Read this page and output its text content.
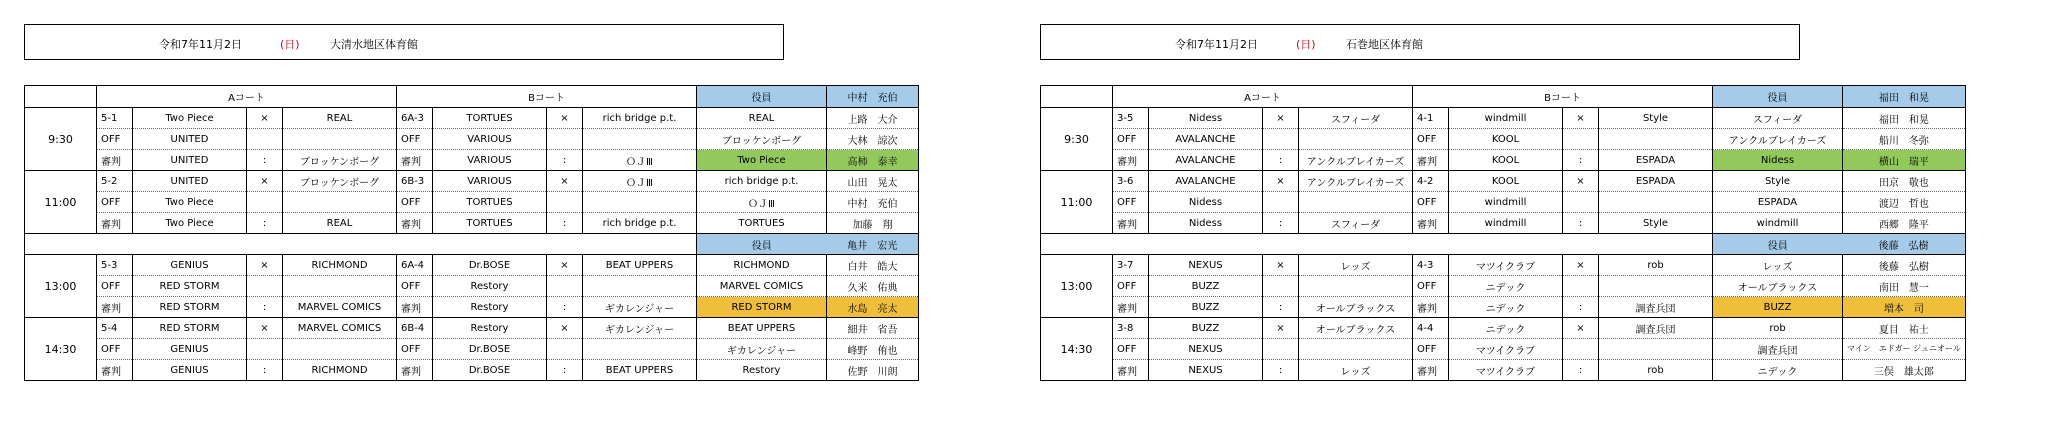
令和7年11月2日	(日)	大清水地区体育館
	Aコート				Bコート				役員	中村　充伯
9:30	5-1	Two Piece	×	REAL	6A-3	TORTUES	×	rich bridge p.t.	REAL	上路　大介
	OFF	UNITED			OFF	VARIOUS			ブロッケンボーグ	大林　諒次
	審判	UNITED	:	ブロッケンボーグ	審判	VARIOUS	:	ＯＪⅢ	Two Piece	高柿　泰幸
11:00	5-2	UNITED	×	ブロッケンボーグ	6B-3	VARIOUS	×	ＯＪⅢ	rich bridge p.t.	山田　晃太
	OFF	Two Piece			OFF	TORTUES			ＯＪⅢ	中村　充伯
	審判	Two Piece	:	REAL	審判	TORTUES	:	rich bridge p.t.	TORTUES	加藤　翔
									役員	亀井　宏光
13:00	5-3	GENIUS	×	RICHMOND	6A-4	Dr.BOSE	×	BEAT UPPERS	RICHMOND	白井　皓大
	OFF	RED STORM			OFF	Restory			MARVEL COMICS	久米　佑典
	審判	RED STORM	:	MARVEL COMICS	審判	Restory	:	ギカレンジャー	RED STORM	水島　亮太
14:30	5-4	RED STORM	×	MARVEL COMICS	6B-4	Restory	×	ギカレンジャー	BEAT UPPERS	細井　省吾
	OFF	GENIUS			OFF	Dr.BOSE			ギカレンジャー	峰野　侑也
	審判	GENIUS	:	RICHMOND	審判	Dr.BOSE	:	BEAT UPPERS	Restory	佐野　川朗
令和7年11月2日	(日)	石巻地区体育館
	Aコート				Bコート				役員	福田　和晃
9:30	3-5	Nidess	×	スフィーダ	4-1	windmill	×	Style	スフィーダ	福田　和晃
	OFF	AVALANCHE			OFF	KOOL			アンクルブレイカーズ	船川　冬弥
	審判	AVALANCHE	:	アンクルブレイカーズ	審判	KOOL	:	ESPADA	Nidess	横山　瑞平
11:00	3-6	AVALANCHE	×	アンクルブレイカーズ	4-2	KOOL	×	ESPADA	Style	田京　敬也
	OFF	Nidess			OFF	windmill			ESPADA	渡辺　哲也
	審判	Nidess	:	スフィーダ	審判	windmill	:	Style	windmill	西郷　隆平
									役員	後藤　弘樹
13:00	3-7	NEXUS	×	レッズ	4-3	マツイクラブ	×	rob	レッズ	後藤　弘樹
	OFF	BUZZ			OFF	ニデック			オールブラックス	南田　慧一
	審判	BUZZ	:	オールブラックス	審判	ニデック	:	調査兵団	BUZZ	増本　司
14:30	3-8	BUZZ	×	オールブラックス	4-4	ニデック	×	調査兵団	rob	夏目　祐士
	OFF	NEXUS			OFF	マツイクラブ			調査兵団	マイン　エドガー ジュニオール
	審判	NEXUS	:	レッズ	審判	マツイクラブ	:	rob	ニデック	三俣　雄太郎
